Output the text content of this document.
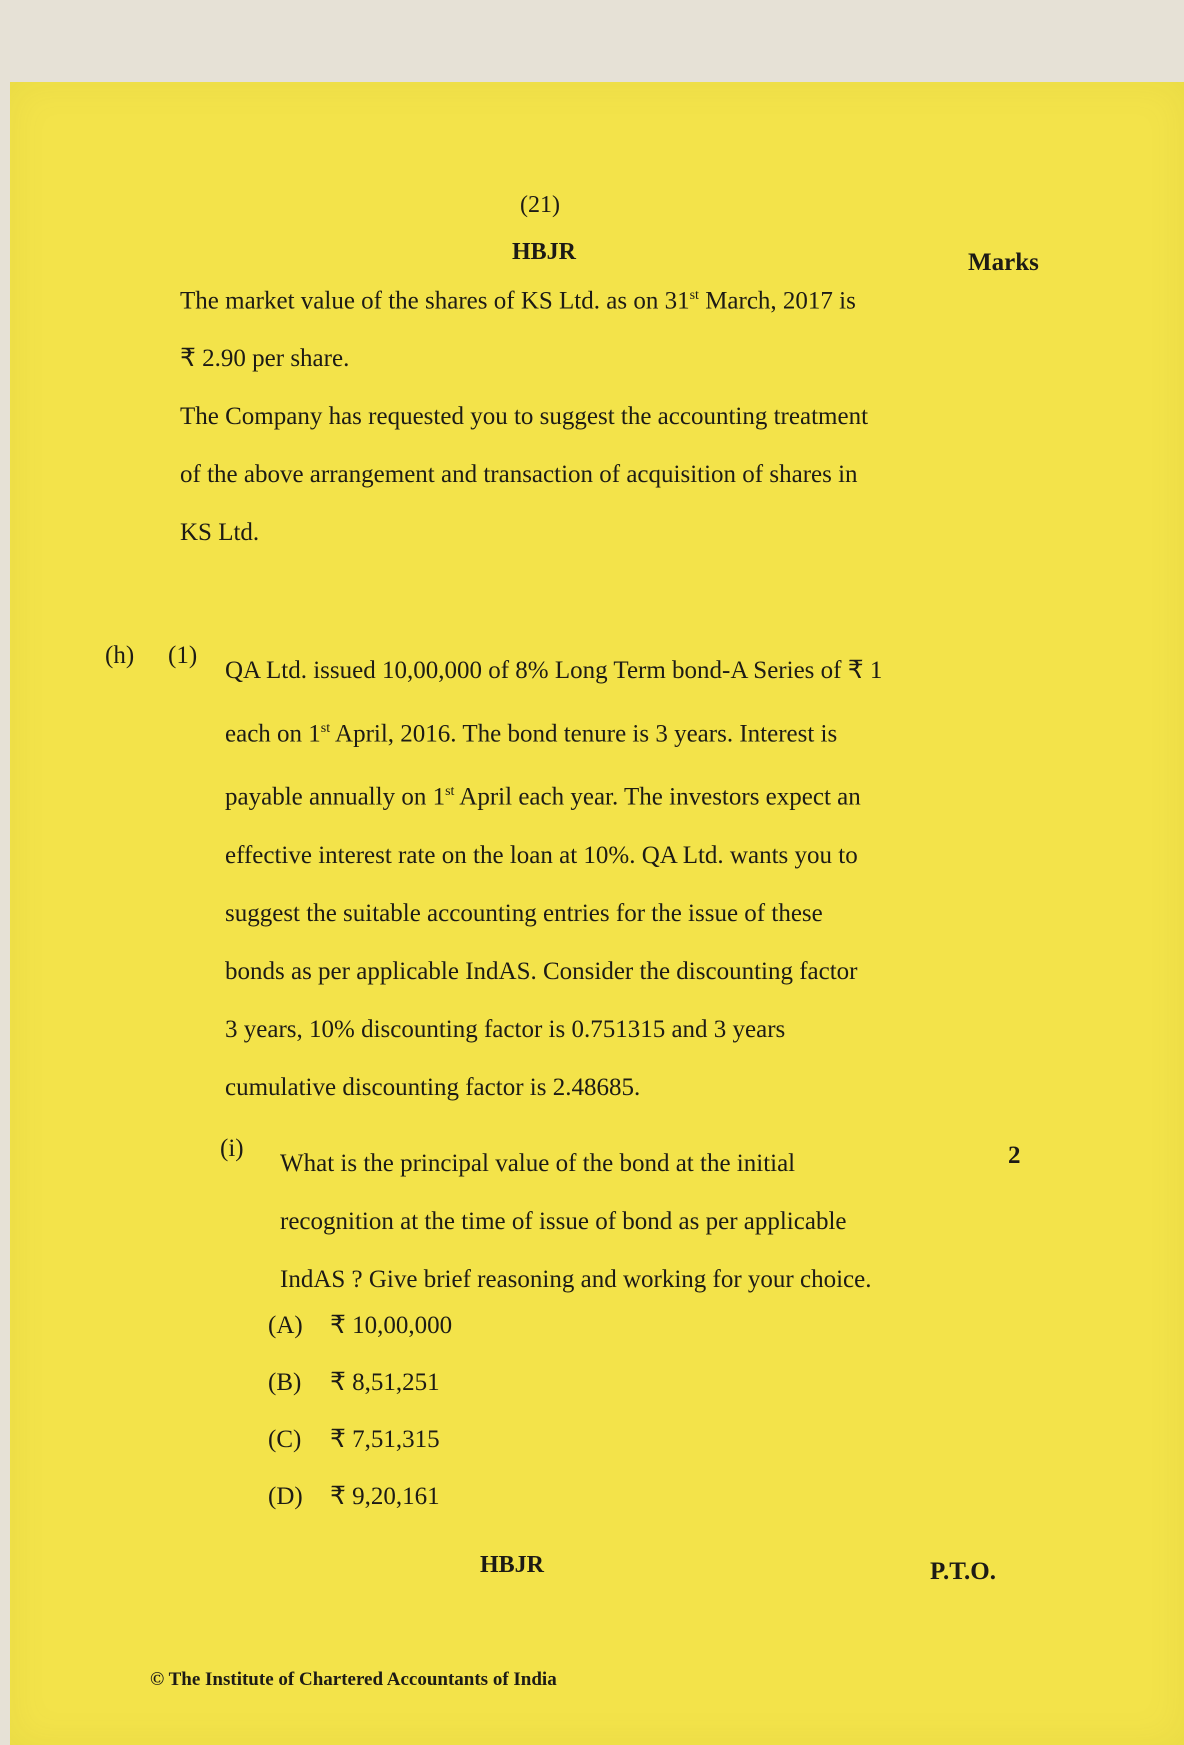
(21)
HBJR	Marks

The market value of the shares of KS Ltd. as on 31st March, 2017 is

₹ 2.90 per share.

The Company has requested you to suggest the accounting treatment

of the above arrangement and transaction of acquisition of shares in

KS Ltd.

(h) (1)
QA Ltd. issued 10,00,000 of 8% Long Term bond-A Series of ₹ 1
each on 1st April, 2016. The bond tenure is 3 years. Interest is
payable annually on 1st April each year. The investors expect an
effective interest rate on the loan at 10%. QA Ltd. wants you to
suggest the suitable accounting entries for the issue of these
bonds as per applicable IndAS. Consider the discounting factor
3 years, 10% discounting factor is 0.751315 and 3 years
cumulative discounting factor is 2.48685.
(i)
What is the principal value of the bond at the initial
recognition at the time of issue of bond as per applicable
IndAS ? Give brief reasoning and working for your choice.
2
(A) ₹ 10,00,000
(B) ₹ 8,51,251
(C) ₹ 7,51,315
(D) ₹ 9,20,161
HBJR	P.T.O.
© The Institute of Chartered Accountants of India
